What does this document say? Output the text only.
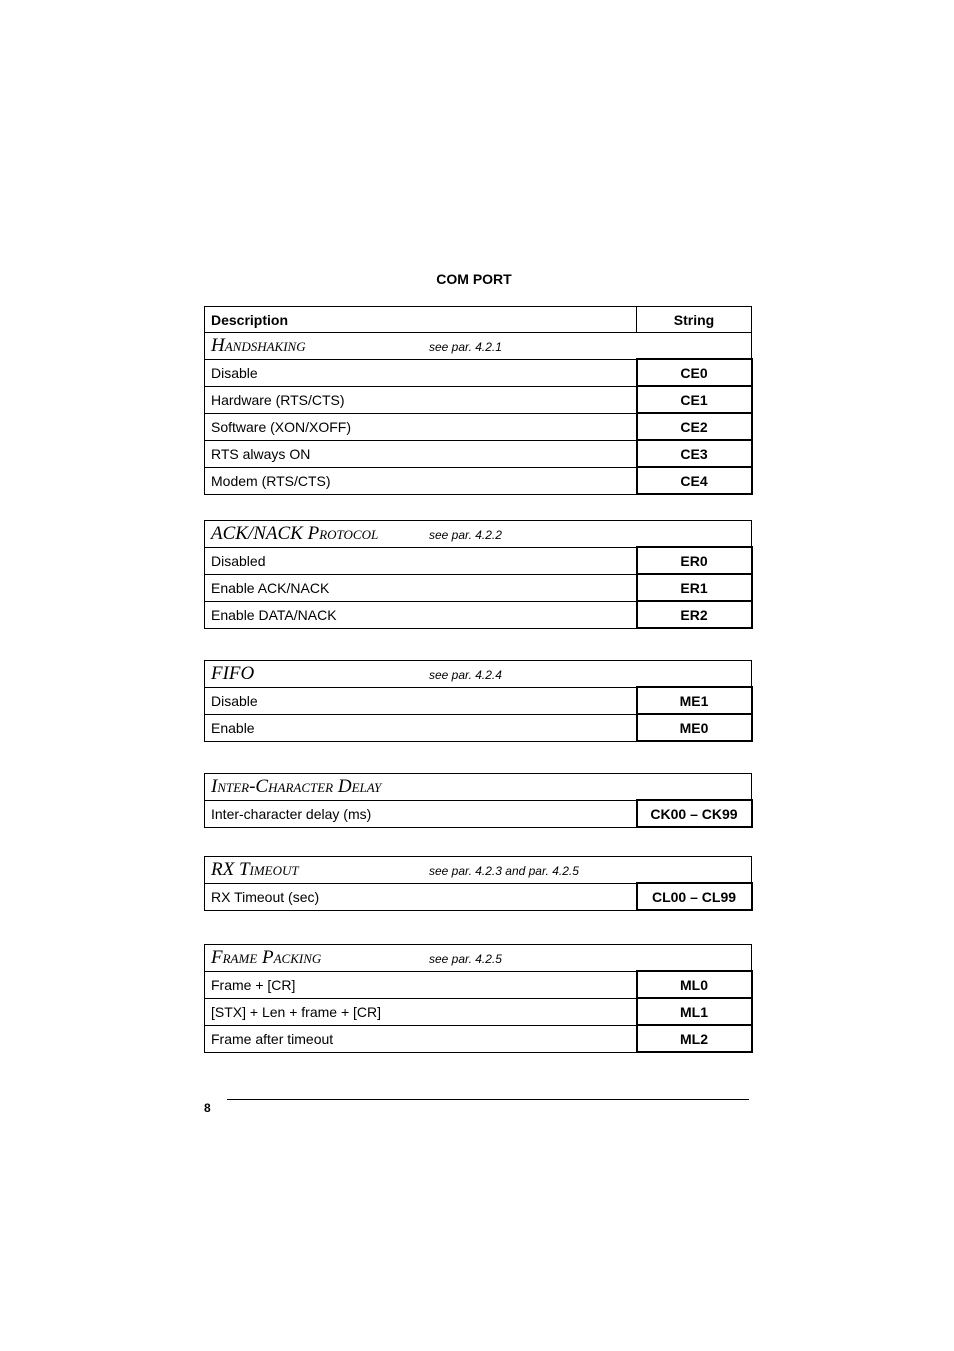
COM PORT
Description	String
Handshaking see par. 4.2.1	
Disable	CE0
Hardware (RTS/CTS)	CE1
Software (XON/XOFF)	CE2
RTS always ON	CE3
Modem (RTS/CTS)	CE4
ACK/NACK Protocol see par. 4.2.2	
Disabled	ER0
Enable ACK/NACK	ER1
Enable DATA/NACK	ER2
FIFO see par. 4.2.4	
Disable	ME1
Enable	ME0
Inter-Character Delay
Inter-character delay (ms)	CK00 – CK99
RX Timeout	see par. 4.2.3 and par. 4.2.5
RX Timeout (sec)	CL00 – CL99
Frame Packing see par. 4.2.5	
Frame + [CR]	ML0
[STX] + Len + frame + [CR]	ML1
Frame after timeout	ML2
8
